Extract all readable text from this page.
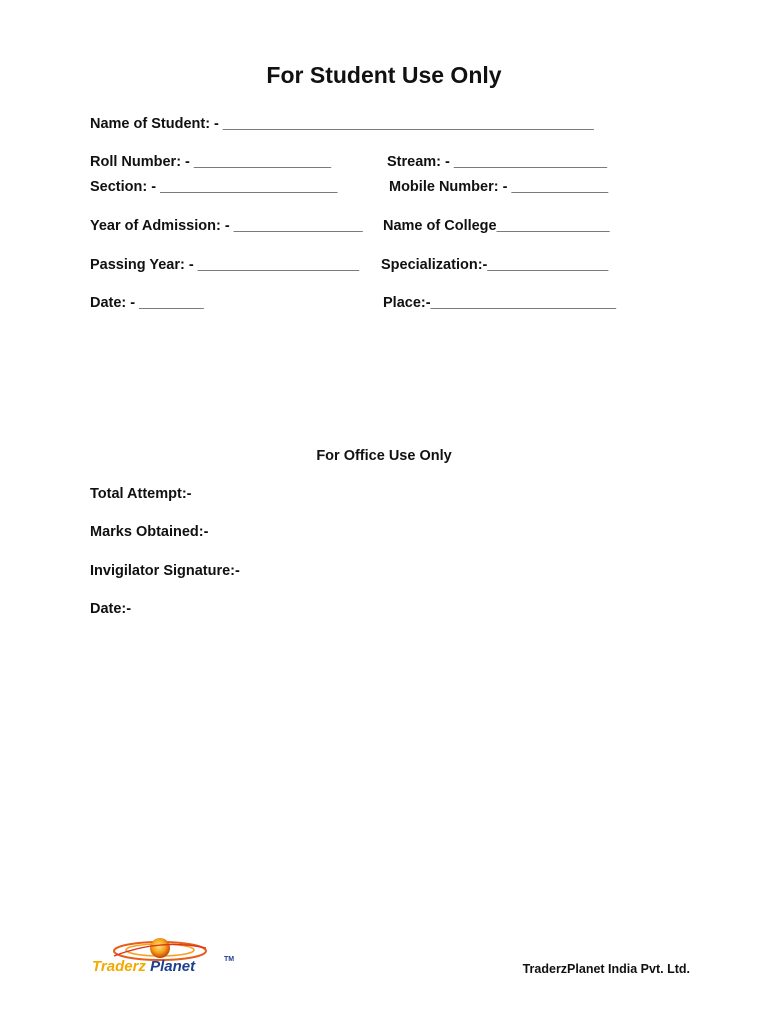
For Student Use Only
Name of Student: - ______________________________________________
Roll Number: - _________________	Stream: - ___________________
Section: - ______________________	Mobile Number: - ____________
Year of Admission: - ________________ Name of College______________
Passing Year: - ____________________ Specialization:-_______________
Date: - ________	Place:-_______________________
For Office Use Only
Total Attempt:-
Marks Obtained:-
Invigilator Signature:-
Date:-
Traderz Planet	TM
TraderzPlanet India Pvt. Ltd.
